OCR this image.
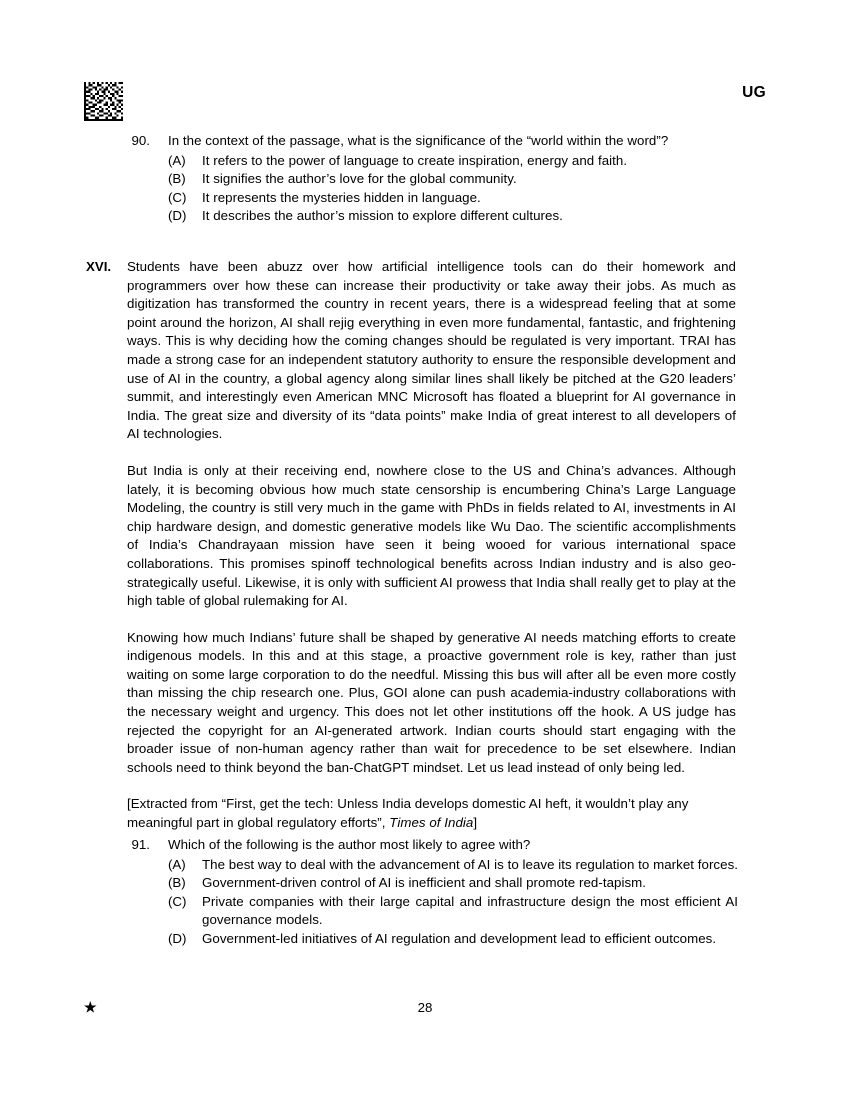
UG
90. In the context of the passage, what is the significance of the “world within the word”?
(A)	It refers to the power of language to create inspiration, energy and faith.
(B)	It signifies the author’s love for the global community.
(C)	It represents the mysteries hidden in language.
(D)	It describes the author’s mission to explore different cultures.
XVI.	Students have been abuzz over how artificial intelligence tools can do their homework and programmers over how these can increase their productivity or take away their jobs. As much as digitization has transformed the country in recent years, there is a widespread feeling that at some point around the horizon, AI shall rejig everything in even more fundamental, fantastic, and frightening ways. This is why deciding how the coming changes should be regulated is very important. TRAI has made a strong case for an independent statutory authority to ensure the responsible development and use of AI in the country, a global agency along similar lines shall likely be pitched at the G20 leaders’ summit, and interestingly even American MNC Microsoft has floated a blueprint for AI governance in India. The great size and diversity of its “data points” make India of great interest to all developers of AI technologies.

But India is only at their receiving end, nowhere close to the US and China’s advances. Although lately, it is becoming obvious how much state censorship is encumbering China’s Large Language Modeling, the country is still very much in the game with PhDs in fields related to AI, investments in AI chip hardware design, and domestic generative models like Wu Dao. The scientific accomplishments of India’s Chandrayaan mission have seen it being wooed for various international space collaborations. This promises spinoff technological benefits across Indian industry and is also geo-strategically useful. Likewise, it is only with sufficient AI prowess that India shall really get to play at the high table of global rulemaking for AI.

Knowing how much Indians’ future shall be shaped by generative AI needs matching efforts to create indigenous models. In this and at this stage, a proactive government role is key, rather than just waiting on some large corporation to do the needful. Missing this bus will after all be even more costly than missing the chip research one. Plus, GOI alone can push academia-industry collaborations with the necessary weight and urgency. This does not let other institutions off the hook. A US judge has rejected the copyright for an AI-generated artwork. Indian courts should start engaging with the broader issue of non-human agency rather than wait for precedence to be set elsewhere. Indian schools need to think beyond the ban-ChatGPT mindset. Let us lead instead of only being led.

[Extracted from “First, get the tech: Unless India develops domestic AI heft, it wouldn’t play any meaningful part in global regulatory efforts”, Times of India]

91. Which of the following is the author most likely to agree with?
(A)	The best way to deal with the advancement of AI is to leave its regulation to market forces.
(B)	Government-driven control of AI is inefficient and shall promote red-tapism.
(C)	Private companies with their large capital and infrastructure design the most efficient AI governance models.
(D)	Government-led initiatives of AI regulation and development lead to efficient outcomes.
★	28
